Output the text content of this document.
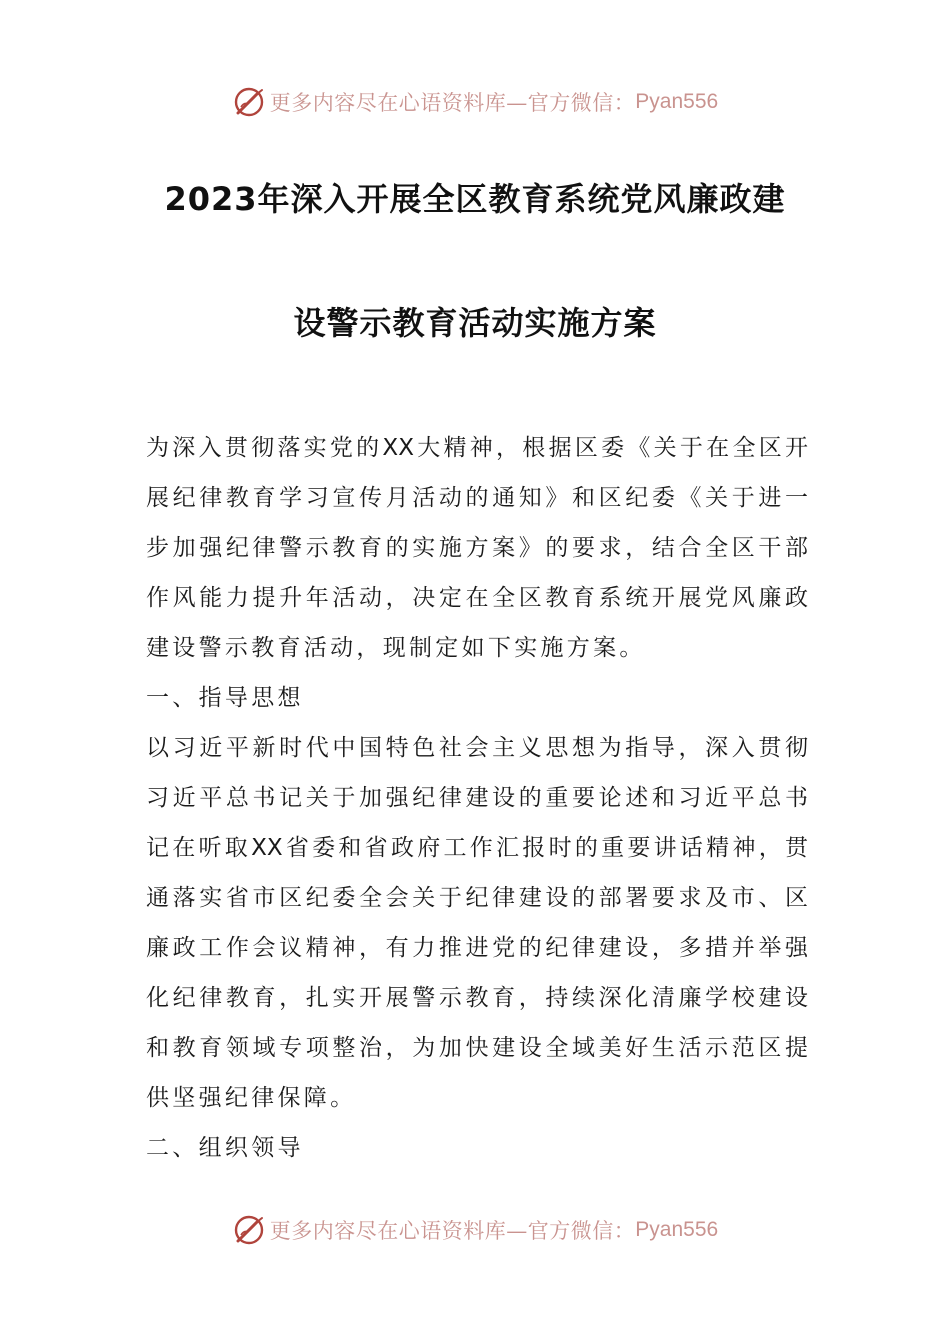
更多内容尽在心语资料库—官方微信： Pyan556
2023年深入开展全区教育系统党风廉政建
设警示教育活动实施方案
为深入贯彻落实党的XX大精神，根据区委《关于在全区开
展纪律教育学习宣传月活动的通知》和区纪委《关于进一
步加强纪律警示教育的实施方案》的要求，结合全区干部
作风能力提升年活动，决定在全区教育系统开展党风廉政
建设警示教育活动，现制定如下实施方案。
一、指导思想
以习近平新时代中国特色社会主义思想为指导，深入贯彻
习近平总书记关于加强纪律建设的重要论述和习近平总书
记在听取XX省委和省政府工作汇报时的重要讲话精神，贯
通落实省市区纪委全会关于纪律建设的部署要求及市、区
廉政工作会议精神，有力推进党的纪律建设，多措并举强
化纪律教育，扎实开展警示教育，持续深化清廉学校建设
和教育领域专项整治，为加快建设全域美好生活示范区提
供坚强纪律保障。
二、组织领导
更多内容尽在心语资料库—官方微信： Pyan556
